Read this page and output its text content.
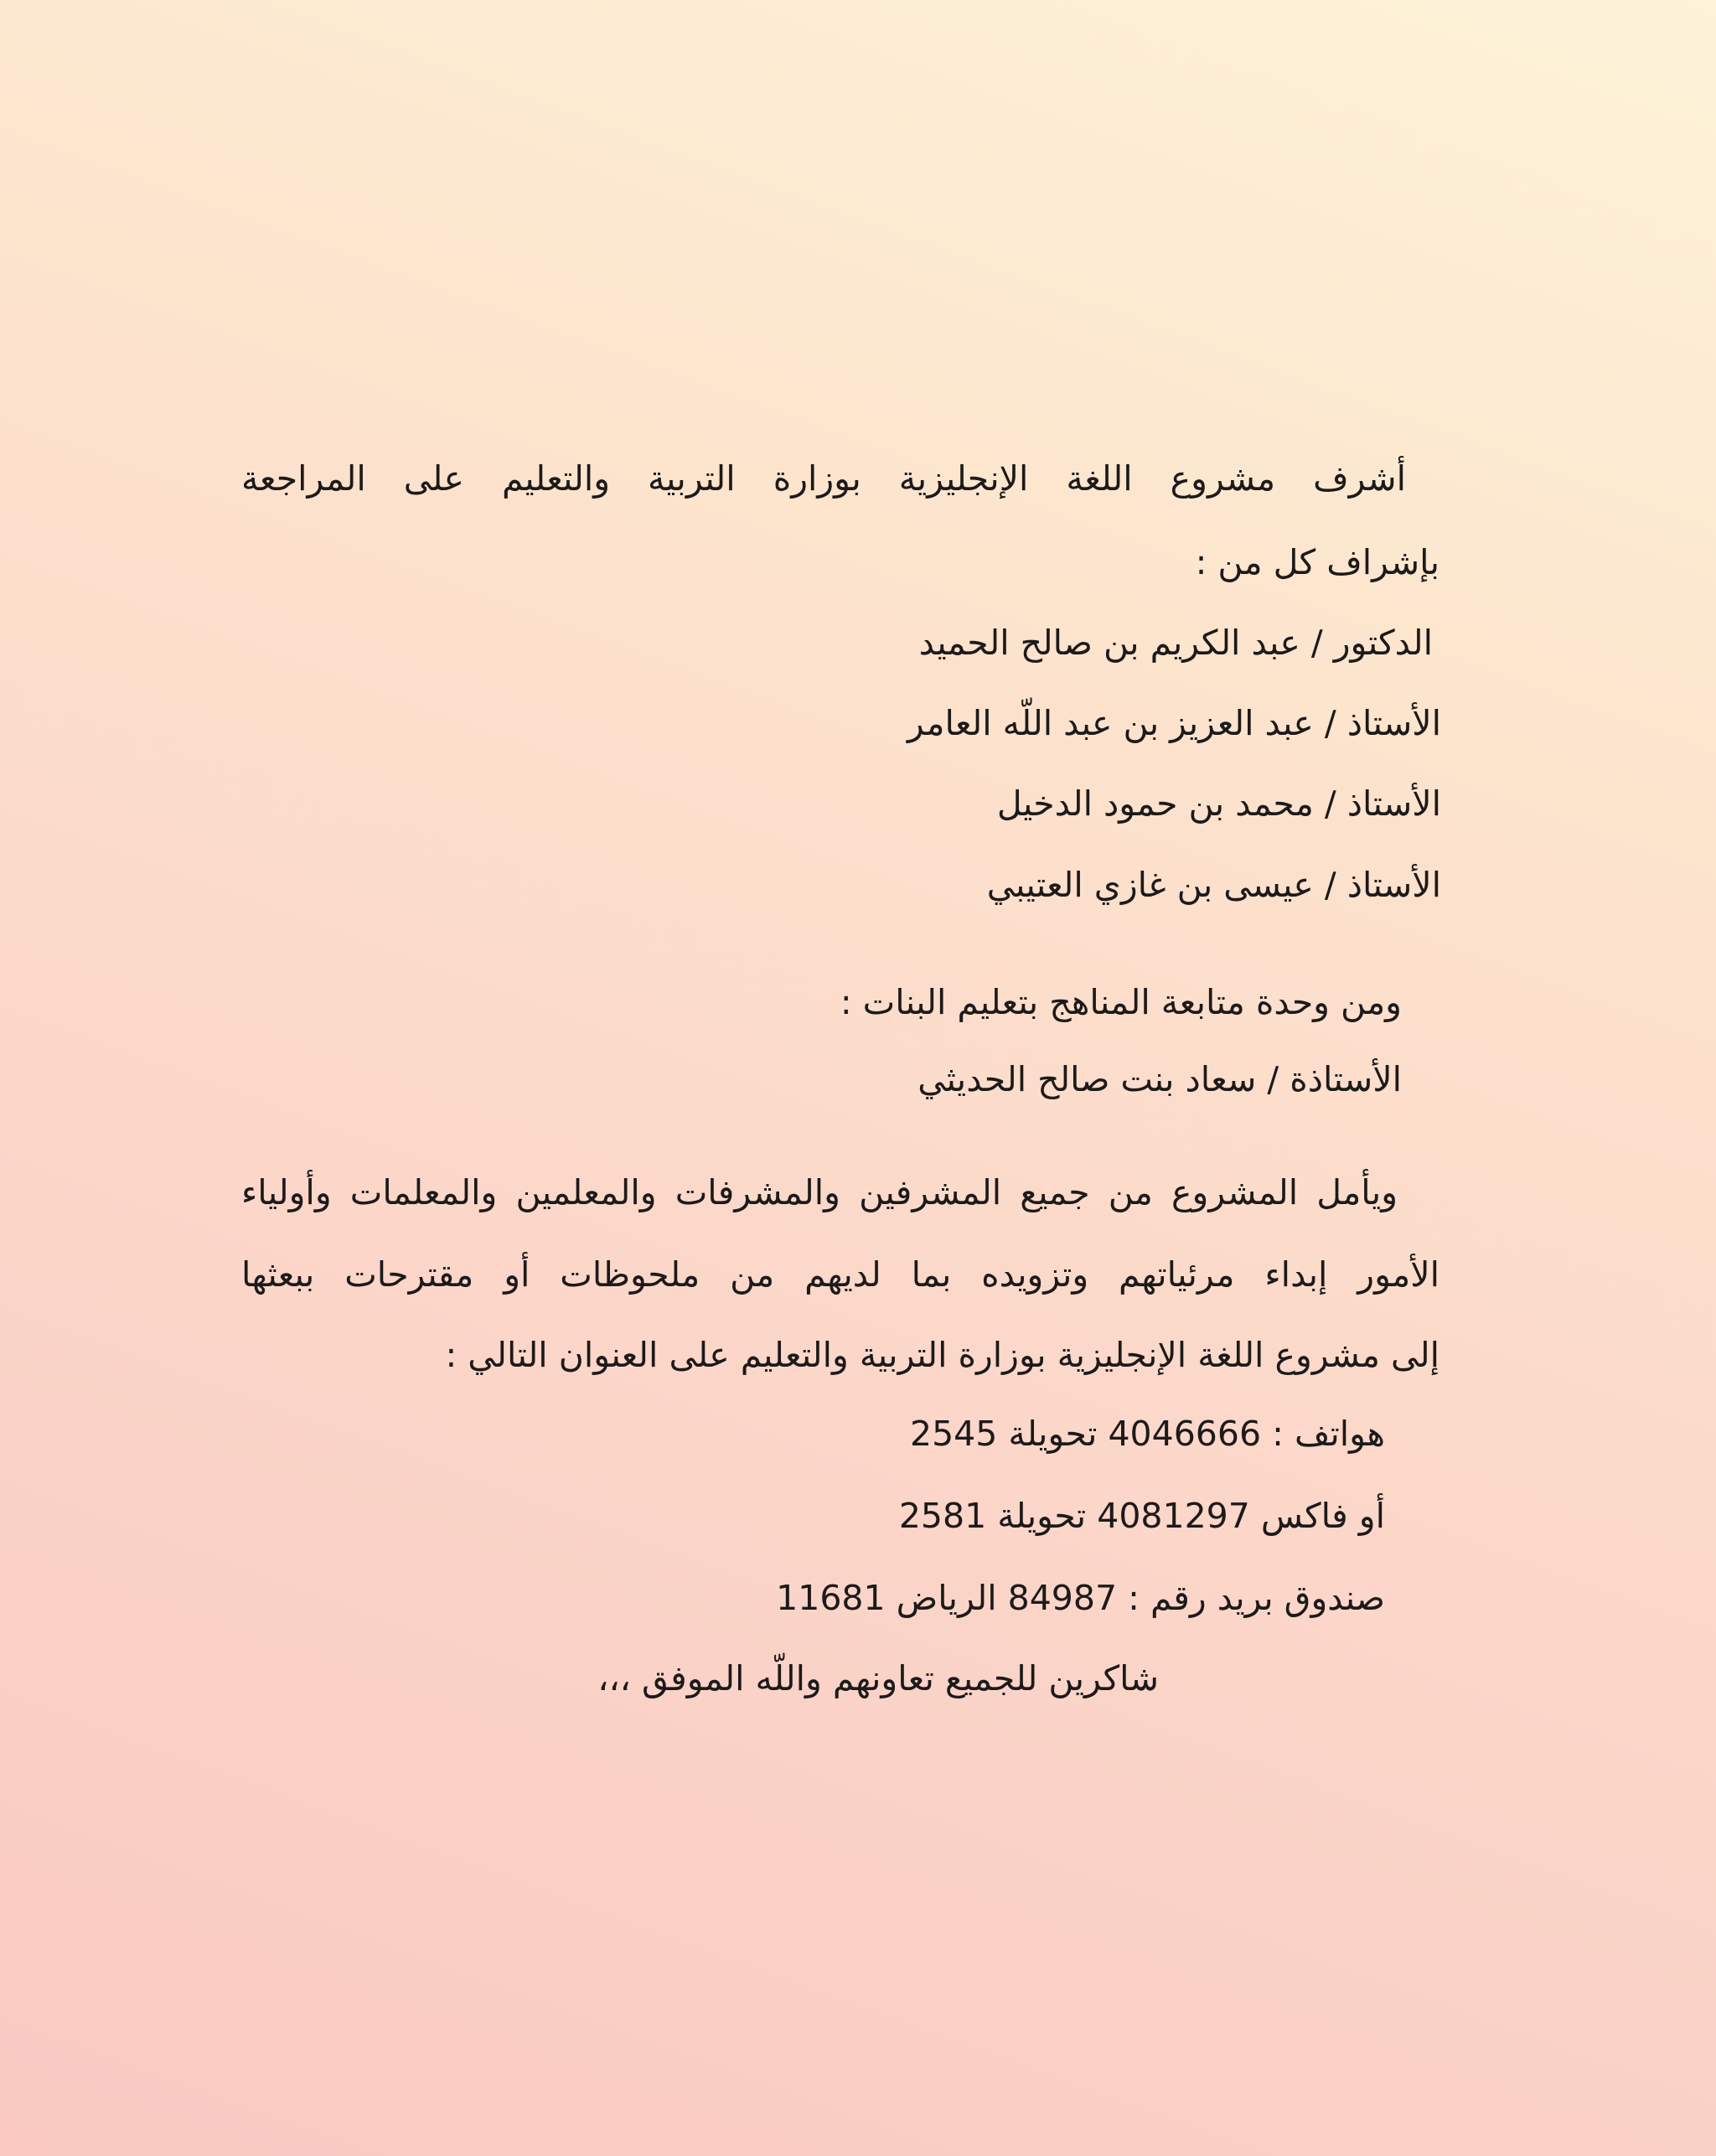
أشرف مشروع اللغة الإنجليزية بوزارة التربية والتعليم على المراجعة
بإشراف كل من :
الدكتور / عبد الكريم بن صالح الحميد
الأستاذ / عبد العزيز بن عبد اللّه العامر
الأستاذ / محمد بن حمود الدخيل
الأستاذ / عيسى بن غازي العتيبي
ومن وحدة متابعة المناهج بتعليم البنات :
الأستاذة / سعاد بنت صالح الحديثي
ويأمل المشروع من جميع المشرفين والمشرفات والمعلمين والمعلمات وأولياء
الأمور إبداء مرئياتهم وتزويده بما لديهم من ملحوظات أو مقترحات ببعثها
إلى مشروع اللغة الإنجليزية بوزارة التربية والتعليم على العنوان التالي :
هواتف : 4046666 تحويلة 2545
أو فاكس 4081297 تحويلة 2581
صندوق بريد رقم : 84987 الرياض 11681
شاكرين للجميع تعاونهم واللّه الموفق ،،،
